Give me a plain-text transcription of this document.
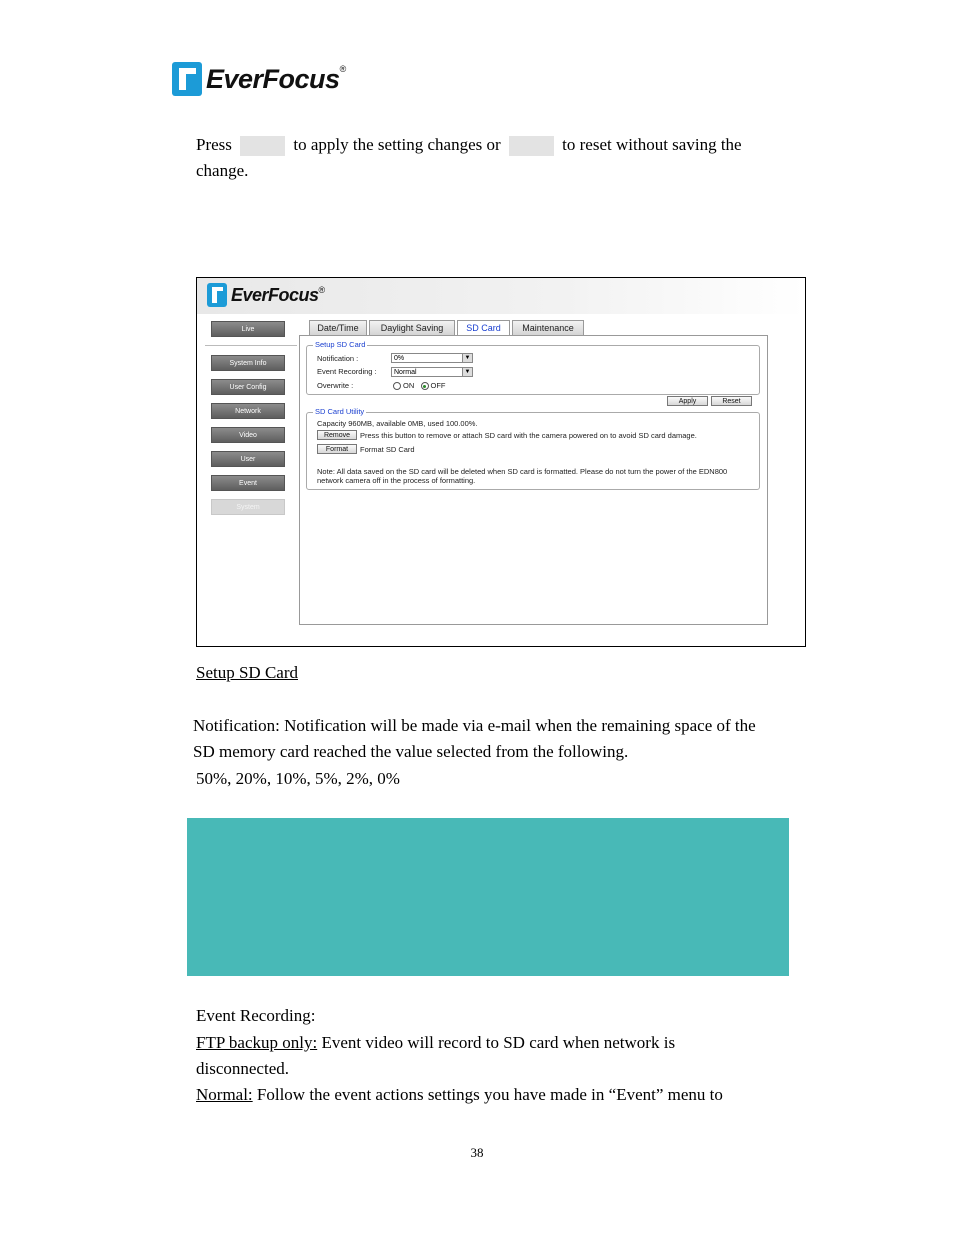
EverFocus®
Press	to apply the setting changes or	to reset without saving the
change.
EverFocus®
Live
System Info
User Config
Network
Video
User
Event
System
Date/Time	Daylight Saving	SD Card	Maintenance
Setup SD Card
Notification :	0%	▼
Event Recording :	Normal	▼
Overwrite :	ON OFF
Apply	Reset
SD Card Utility
Capacity 960MB, available 0MB, used 100.00%.
Remove	Press this button to remove or attach SD card with the camera powered on to avoid SD card damage.
Format	Format SD Card
Note: All data saved on the SD card will be deleted when SD card is formatted. Please do not turn the power of the EDN800
network camera off in the process of formatting.
Setup SD Card
Notification: Notification will be made via e-mail when the remaining space of the
SD memory card reached the value selected from the following.
50%, 20%, 10%, 5%, 2%, 0%
Event Recording:
FTP backup only: Event video will record to SD card when network is
disconnected.
Normal: Follow the event actions settings you have made in “Event” menu to
38
